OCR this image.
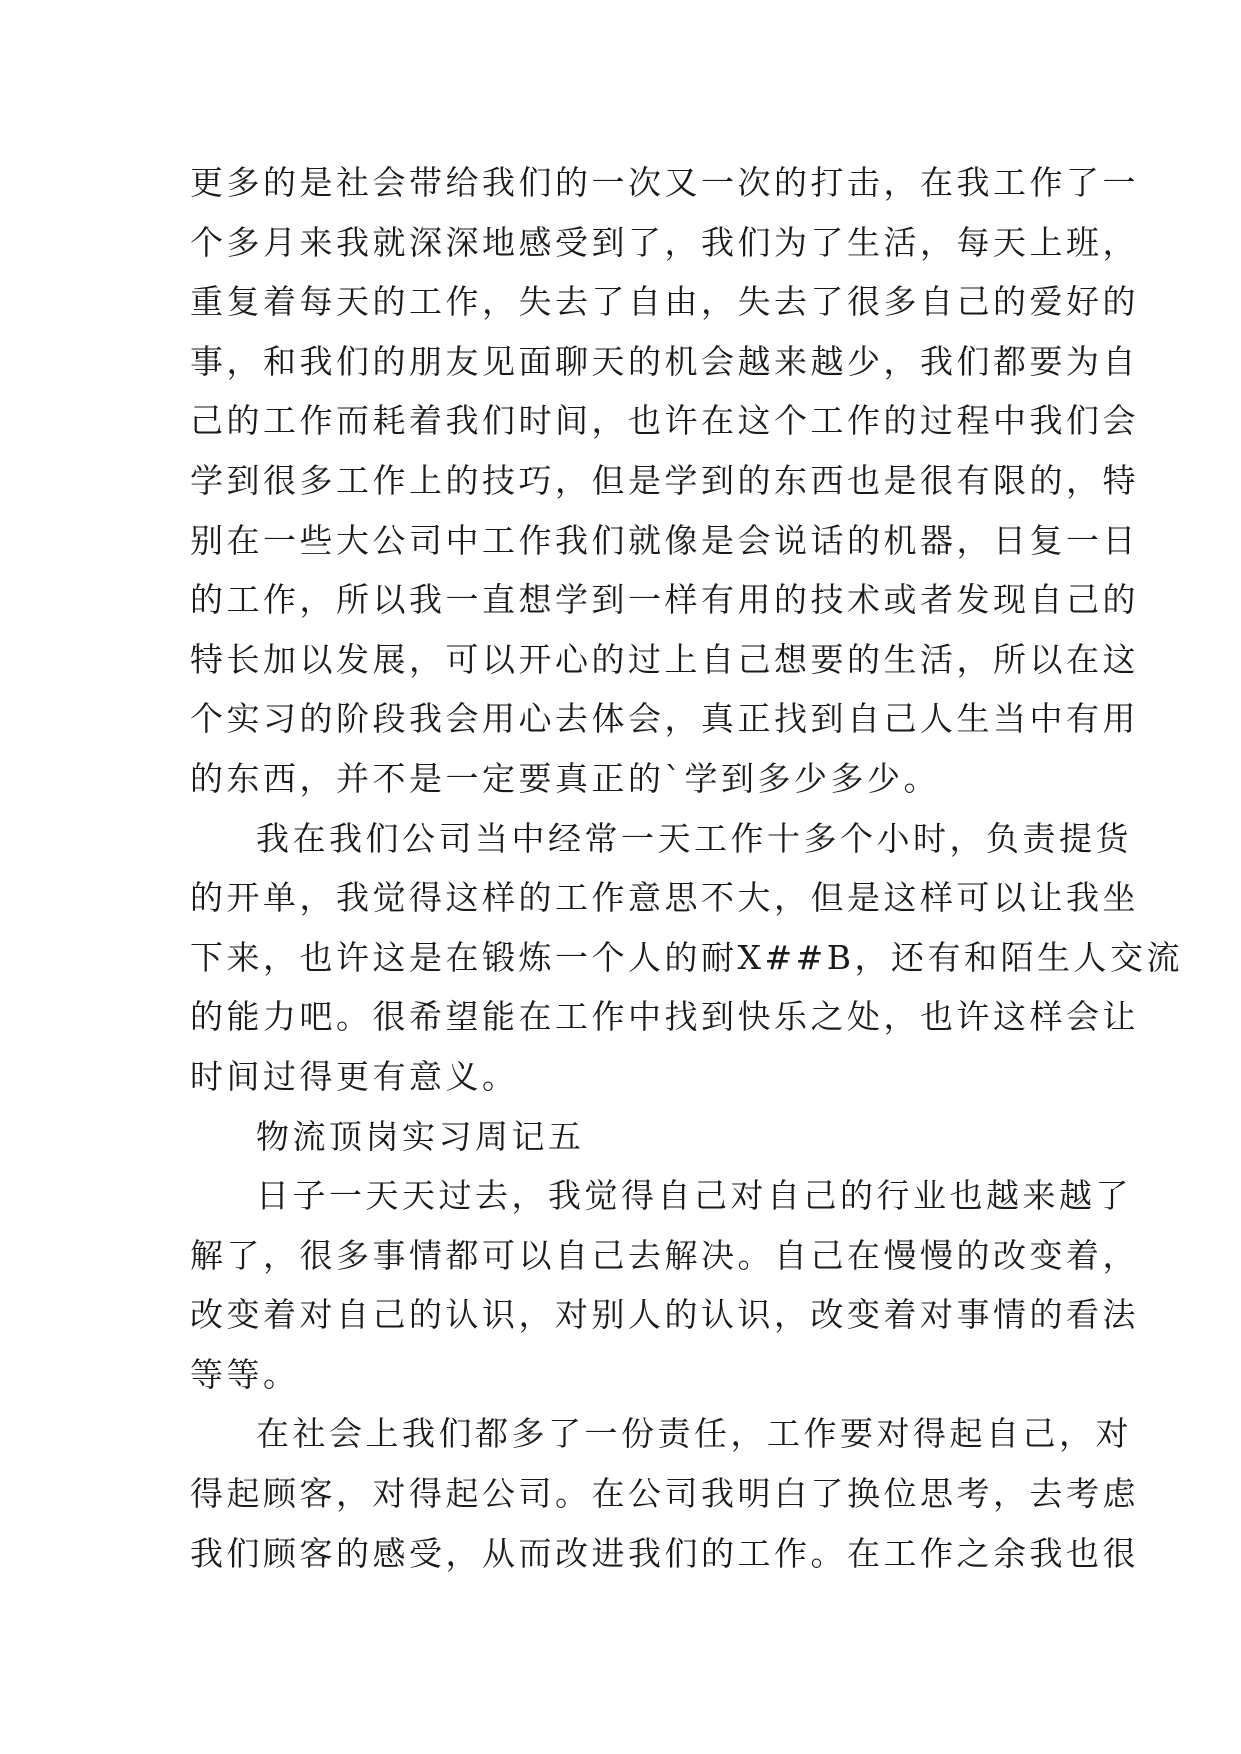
更多的是社会带给我们的一次又一次的打击，在我工作了一
个多月来我就深深地感受到了，我们为了生活，每天上班，
重复着每天的工作，失去了自由，失去了很多自己的爱好的
事，和我们的朋友见面聊天的机会越来越少，我们都要为自
己的工作而耗着我们时间，也许在这个工作的过程中我们会
学到很多工作上的技巧，但是学到的东西也是很有限的，特
别在一些大公司中工作我们就像是会说话的机器，日复一日
的工作，所以我一直想学到一样有用的技术或者发现自己的
特长加以发展，可以开心的过上自己想要的生活，所以在这
个实习的阶段我会用心去体会，真正找到自己人生当中有用
的东西，并不是一定要真正的`学到多少多少。
我在我们公司当中经常一天工作十多个小时，负责提货
的开单，我觉得这样的工作意思不大，但是这样可以让我坐
下来，也许这是在锻炼一个人的耐X##B，还有和陌生人交流
的能力吧。很希望能在工作中找到快乐之处，也许这样会让
时间过得更有意义。
物流顶岗实习周记五
日子一天天过去，我觉得自己对自己的行业也越来越了
解了，很多事情都可以自己去解决。自己在慢慢的改变着，
改变着对自己的认识，对别人的认识，改变着对事情的看法
等等。
在社会上我们都多了一份责任，工作要对得起自己，对
得起顾客，对得起公司。在公司我明白了换位思考，去考虑
我们顾客的感受，从而改进我们的工作。在工作之余我也很
